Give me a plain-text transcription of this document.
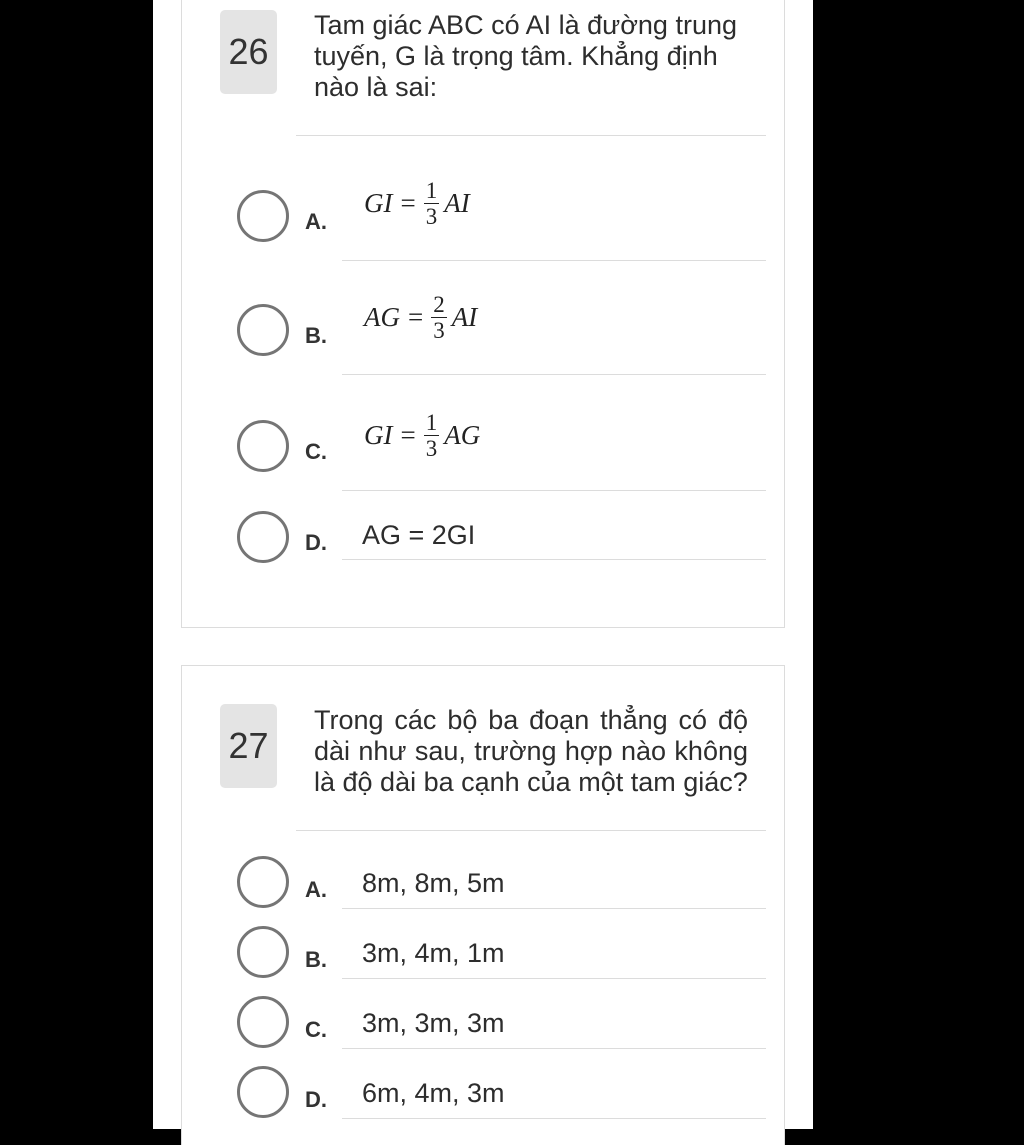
26
Tam giác ABC có AI là đường trung tuyến, G là trọng tâm. Khẳng định nào là sai:
A.
GI = $\frac{1}{3}$ AI
B.
AG = $\frac{2}{3}$ AI
C.
GI = $\frac{1}{3}$ AG
D. AG = 2GI
27
Trong các bộ ba đoạn thẳng có độ dài như sau, trường hợp nào không là độ dài ba cạnh của một tam giác?
A. 8m, 8m, 5m
B. 3m, 4m, 1m
C. 3m, 3m, 3m
D. 6m, 4m, 3m
